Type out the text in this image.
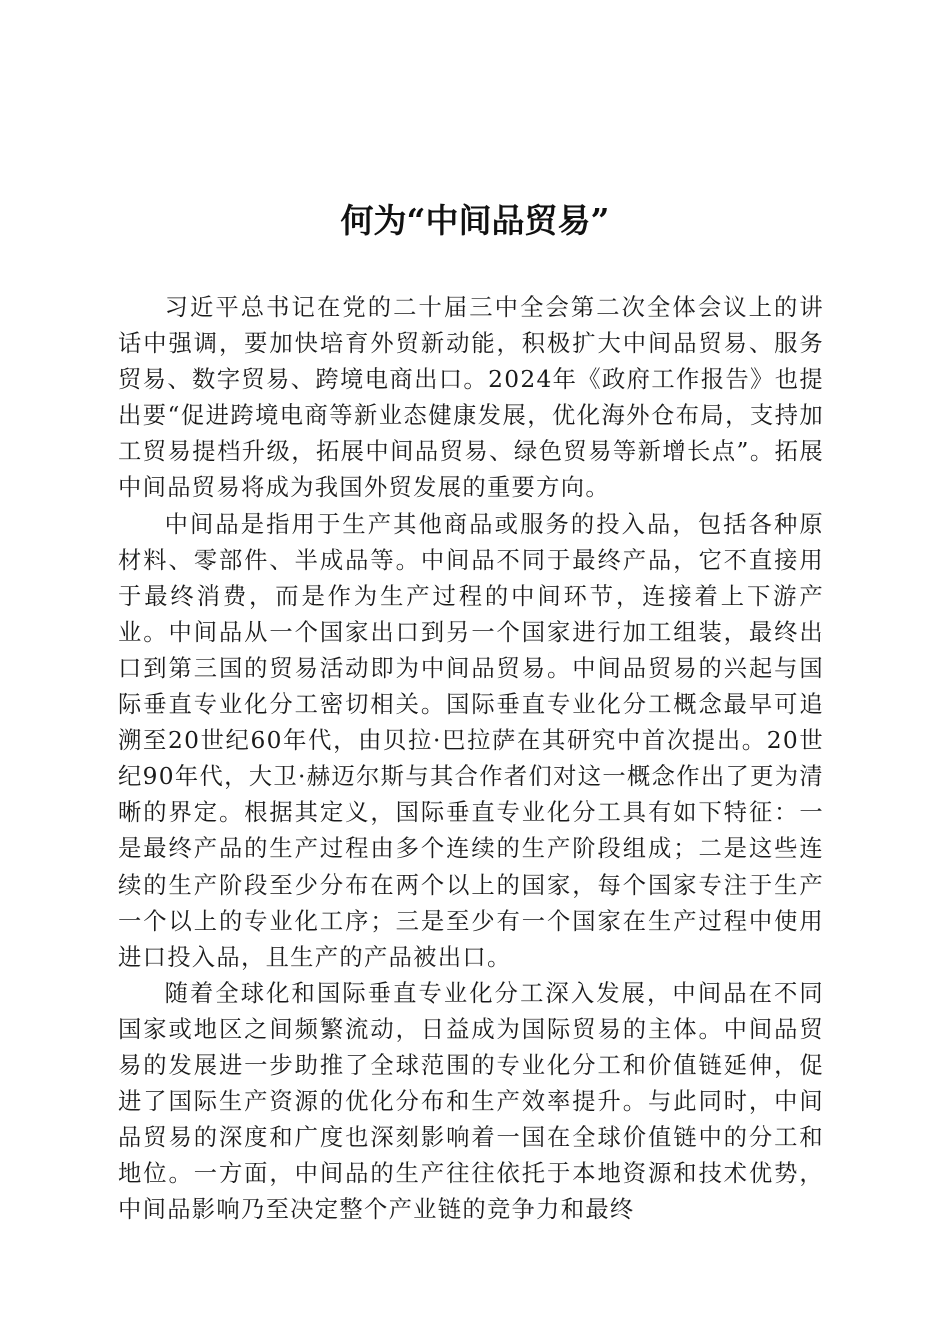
何为“中间品贸易”

习近平总书记在党的二十届三中全会第二次全体会议上的讲话中强调，要加快培育外贸新动能，积极扩大中间品贸易、服务贸易、数字贸易、跨境电商出口。2024年《政府工作报告》也提出要“促进跨境电商等新业态健康发展，优化海外仓布局，支持加工贸易提档升级，拓展中间品贸易、绿色贸易等新增长点”。拓展中间品贸易将成为我国外贸发展的重要方向。

中间品是指用于生产其他商品或服务的投入品，包括各种原材料、零部件、半成品等。中间品不同于最终产品，它不直接用于最终消费，而是作为生产过程的中间环节，连接着上下游产业。中间品从一个国家出口到另一个国家进行加工组装，最终出口到第三国的贸易活动即为中间品贸易。中间品贸易的兴起与国际垂直专业化分工密切相关。国际垂直专业化分工概念最早可追溯至20世纪60年代，由贝拉·巴拉萨在其研究中首次提出。20世纪90年代，大卫·赫迈尔斯与其合作者们对这一概念作出了更为清晰的界定。根据其定义，国际垂直专业化分工具有如下特征：一是最终产品的生产过程由多个连续的生产阶段组成；二是这些连续的生产阶段至少分布在两个以上的国家，每个国家专注于生产一个以上的专业化工序；三是至少有一个国家在生产过程中使用进口投入品，且生产的产品被出口。

随着全球化和国际垂直专业化分工深入发展，中间品在不同国家或地区之间频繁流动，日益成为国际贸易的主体。中间品贸易的发展进一步助推了全球范围的专业化分工和价值链延伸，促进了国际生产资源的优化分布和生产效率提升。与此同时，中间品贸易的深度和广度也深刻影响着一国在全球价值链中的分工和地位。一方面，中间品的生产往往依托于本地资源和技术优势，中间品影响乃至决定整个产业链的竞争力和最终
